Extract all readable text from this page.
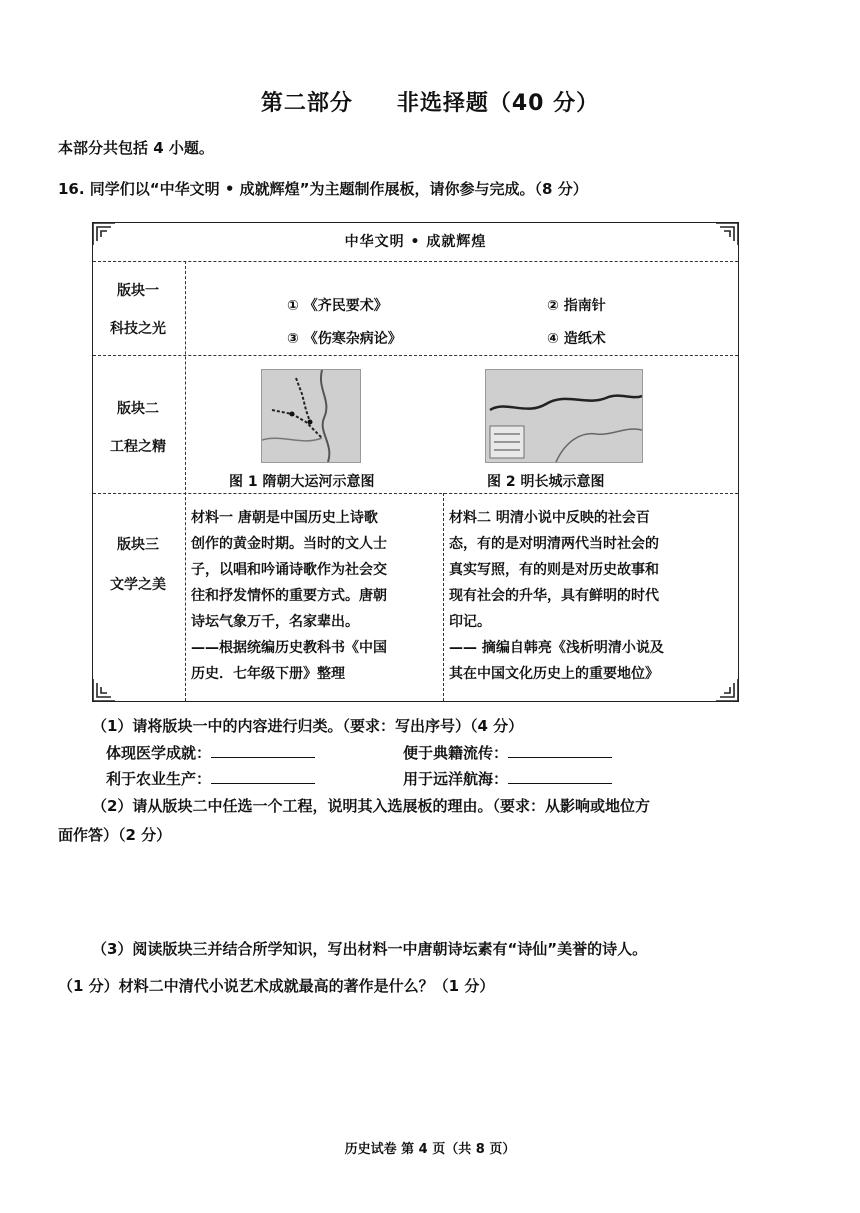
第二部分 非选择题（40 分）
本部分共包括 4 小题。
16. 同学们以“中华文明 • 成就辉煌”为主题制作展板，请你参与完成。（8 分）
中华文明 • 成就辉煌
版块一
科技之光
① 《齐民要术》	② 指南针
③ 《伤寒杂病论》	④ 造纸术
版块二
工程之精
图 1 隋朝大运河示意图	图 2 明长城示意图
版块三
文学之美
材料一 唐朝是中国历史上诗歌
创作的黄金时期。当时的文人士
子，以唱和吟诵诗歌作为社会交
往和抒发情怀的重要方式。唐朝
诗坛气象万千，名家辈出。
——根据统编历史教科书《中国
历史．七年级下册》整理
材料二 明清小说中反映的社会百
态，有的是对明清两代当时社会的
真实写照，有的则是对历史故事和
现有社会的升华，具有鲜明的时代
印记。
—— 摘编自韩亮《浅析明清小说及
其在中国文化历史上的重要地位》
（1）请将版块一中的内容进行归类。（要求：写出序号）（4 分）
体现医学成就：	便于典籍流传：
利于农业生产：	用于远洋航海：
（2）请从版块二中任选一个工程，说明其入选展板的理由。（要求：从影响或地位方
面作答）（2 分）
（3）阅读版块三并结合所学知识，写出材料一中唐朝诗坛素有“诗仙”美誉的诗人。
（1 分）材料二中清代小说艺术成就最高的著作是什么？（1 分）
历史试卷 第 4 页（共 8 页）
